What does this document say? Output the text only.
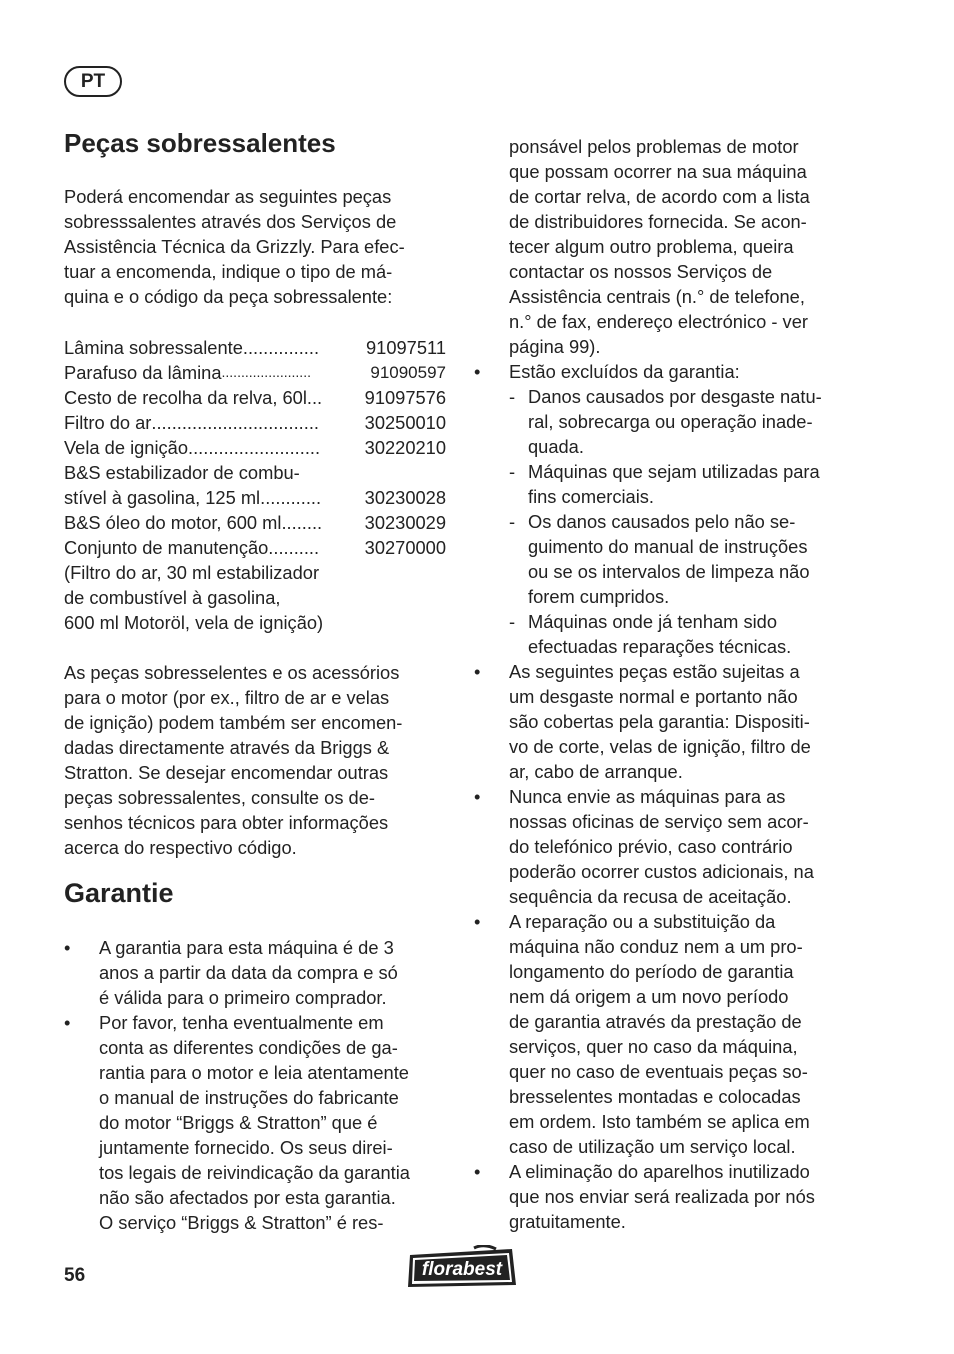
PT
Peças sobressalentes
Poderá encomendar as seguintes peças
sobresssalentes através dos Serviços de
Assistência Técnica da Grizzly. Para efec-
tuar a encomenda, indique o tipo de má-
quina e o código da peça sobressalente:
Lâmina sobressalente ...............	91097511
Parafuso da lâmina .......................	91090597
Cesto de recolha da relva, 60l ...	91097576
Filtro do ar .................................	30250010
Vela de ignição ..........................	30220210
B&S estabilizador de combu-
stível à gasolina, 125 ml ............	30230028
B&S óleo do motor, 600 ml ........	30230029
Conjunto de manutenção ..........	30270000
(Filtro do ar, 30 ml estabilizador
de combustível à gasolina,
600 ml Motoröl, vela de ignição)
As peças sobresselentes e os acessórios
para o motor (por ex., filtro de ar e velas
de ignição) podem também ser encomen-
dadas directamente através da Briggs &
Stratton. Se desejar encomendar outras
peças sobressalentes, consulte os de-
senhos técnicos para obter informações
acerca do respectivo código.
Garantie
• A garantia para esta máquina é de 3
anos a partir da data da compra e só
é válida para o primeiro comprador.
• Por favor, tenha eventualmente em
conta as diferentes condições de ga-
rantia para o motor e leia atentamente
o manual de instruções do fabricante
do motor “Briggs & Stratton” que é
juntamente fornecido. Os seus direi-
tos legais de reivindicação da garantia
não são afectados por esta garantia.
O serviço “Briggs & Stratton” é res-
ponsável pelos problemas de motor
que possam ocorrer na sua máquina
de cortar relva, de acordo com a lista
de distribuidores fornecida. Se acon-
tecer algum outro problema, queira
contactar os nossos Serviços de
Assistência centrais (n.° de telefone,
n.° de fax, endereço electrónico - ver
página 99).
• Estão excluídos da garantia:
- Danos causados por desgaste natu-
ral, sobrecarga ou operação inade-
quada.
- Máquinas que sejam utilizadas para
fins comerciais.
- Os danos causados pelo não se-
guimento do manual de instruções
ou se os intervalos de limpeza não
forem cumpridos.
- Máquinas onde já tenham sido
efectuadas reparações técnicas.
• As seguintes peças estão sujeitas a
um desgaste normal e portanto não
são cobertas pela garantia: Dispositi-
vo de corte, velas de ignição, filtro de
ar, cabo de arranque.
• Nunca envie as máquinas para as
nossas oficinas de serviço sem acor-
do telefónico prévio, caso contrário
poderão ocorrer custos adicionais, na
sequência da recusa de aceitação.
• A reparação ou a substituição da
máquina não conduz nem a um pro-
longamento do período de garantia
nem dá origem a um novo período
de garantia através da prestação de
serviços, quer no caso da máquina,
quer no caso de eventuais peças so-
bresselentes montadas e colocadas
em ordem. Isto também se aplica em
caso de utilização um serviço local.
• A eliminação do aparelhos inutilizado
que nos enviar será realizada por nós
gratuitamente.
56	florabest
